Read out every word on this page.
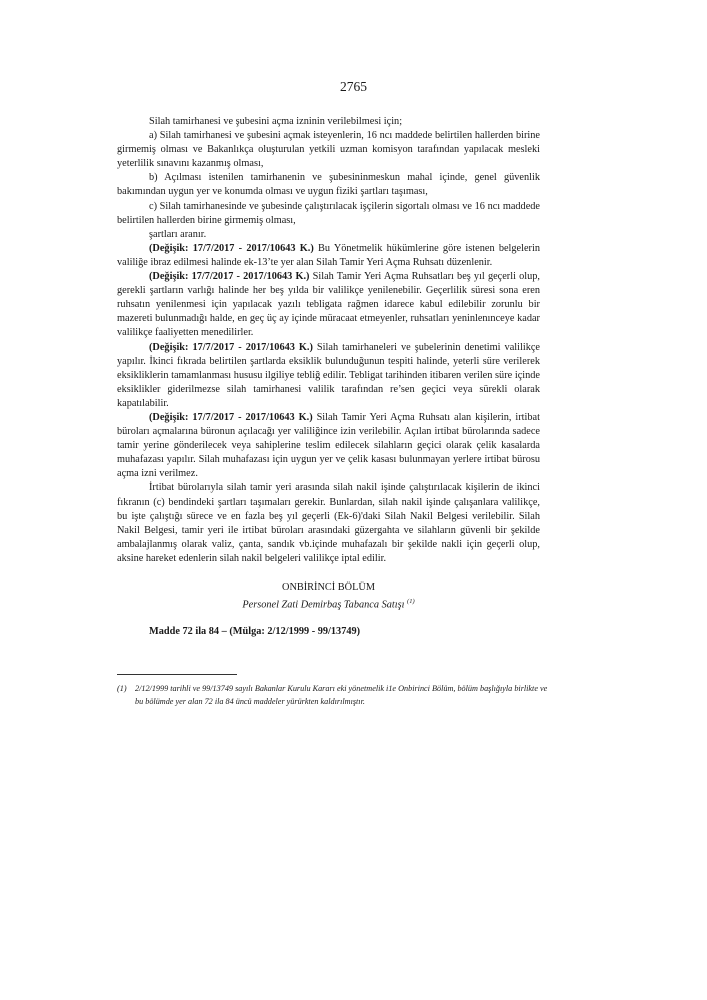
2765

Silah tamirhanesi ve şubesini açma izninin verilebilmesi için;

a) Silah tamirhanesi ve şubesini açmak isteyenlerin, 16 ncı maddede belirtilen hallerden birine girmemiş olması ve Bakanlıkça oluşturulan yetkili uzman komisyon tarafından yapılacak mesleki yeterlilik sınavını kazanmış olması,

b) Açılması istenilen tamirhanenin ve şubesininmeskun mahal içinde, genel güvenlik bakımından uygun yer ve konumda olması ve uygun fiziki şartları taşıması,

c) Silah tamirhanesinde ve şubesinde çalıştırılacak işçilerin sigortalı olması ve 16 ncı maddede belirtilen hallerden birine girmemiş olması,

şartları aranır.

(Değişik: 17/7/2017 - 2017/10643 K.) Bu Yönetmelik hükümlerine göre istenen belgelerin valiliğe ibraz edilmesi halinde ek-13’te yer alan Silah Tamir Yeri Açma Ruhsatı düzenlenir.

(Değişik: 17/7/2017 - 2017/10643 K.) Silah Tamir Yeri Açma Ruhsatları beş yıl geçerli olup, gerekli şartların varlığı halinde her beş yılda bir valilikçe yenilenebilir. Geçerlilik süresi sona eren ruhsatın yenilenmesi için yapılacak yazılı tebligata rağmen idarece kabul edilebilir zorunlu bir mazereti bulunmadığı halde, en geç üç ay içinde müracaat etmeyenler, ruhsatları yeninlenınceye kadar valilikçe faaliyetten menedilirler.

(Değişik: 17/7/2017 - 2017/10643 K.) Silah tamirhaneleri ve şubelerinin denetimi valilikçe yapılır. İkinci fıkrada belirtilen şartlarda eksiklik bulunduğunun tespiti halinde, yeterli süre verilerek eksikliklerin tamamlanması hususu ilgiliye tebliğ edilir. Tebligat tarihinden itibaren verilen süre içinde eksiklikler giderilmezse silah tamirhanesi valilik tarafından re’sen geçici veya sürekli olarak kapatılabilir.

(Değişik: 17/7/2017 - 2017/10643 K.) Silah Tamir Yeri Açma Ruhsatı alan kişilerin, irtibat büroları açmalarına büronun açılacağı yer valiliğince izin verilebilir. Açılan irtibat bürolarında sadece tamir yerine gönderilecek veya sahiplerine teslim edilecek silahların geçici olarak çelik kasalarda muhafazası yapılır. Silah muhafazası için uygun yer ve çelik kasası bulunmayan yerlere irtibat bürosu açma izni verilmez.

İrtibat bürolarıyla silah tamir yeri arasında silah nakil işinde çalıştırılacak kişilerin de ikinci fıkranın (c) bendindeki şartları taşımaları gerekir. Bunlardan, silah nakil işinde çalışanlara valilikçe, bu işte çalıştığı sürece ve en fazla beş yıl geçerli (Ek-6)'daki Silah Nakil Belgesi verilebilir. Silah Nakil Belgesi, tamir yeri ile irtibat büroları arasındaki güzergahta ve silahların güvenli bir şekilde ambalajlanmış olarak valiz, çanta, sandık vb.içinde muhafazalı bir şekilde nakli için geçerli olup, aksine hareket edenlerin silah nakil belgeleri valilikçe iptal edilir.

ONBİRİNCİ BÖLÜM
Personel Zati Demirbaş Tabanca Satışı $^{(1)}$
Madde 72 ila 84 – (Mülga: 2/12/1999 - 99/13749)
(1)	2/12/1999 tarihli ve 99/13749 sayılı Bakanlar Kurulu Kararı eki yönetmelik i1e Onbirinci Bölüm, bölüm başlığıyla birlikte ve bu bölümde yer alan 72 ila 84 üncü maddeler yürürkten kaldırılmıştır.
